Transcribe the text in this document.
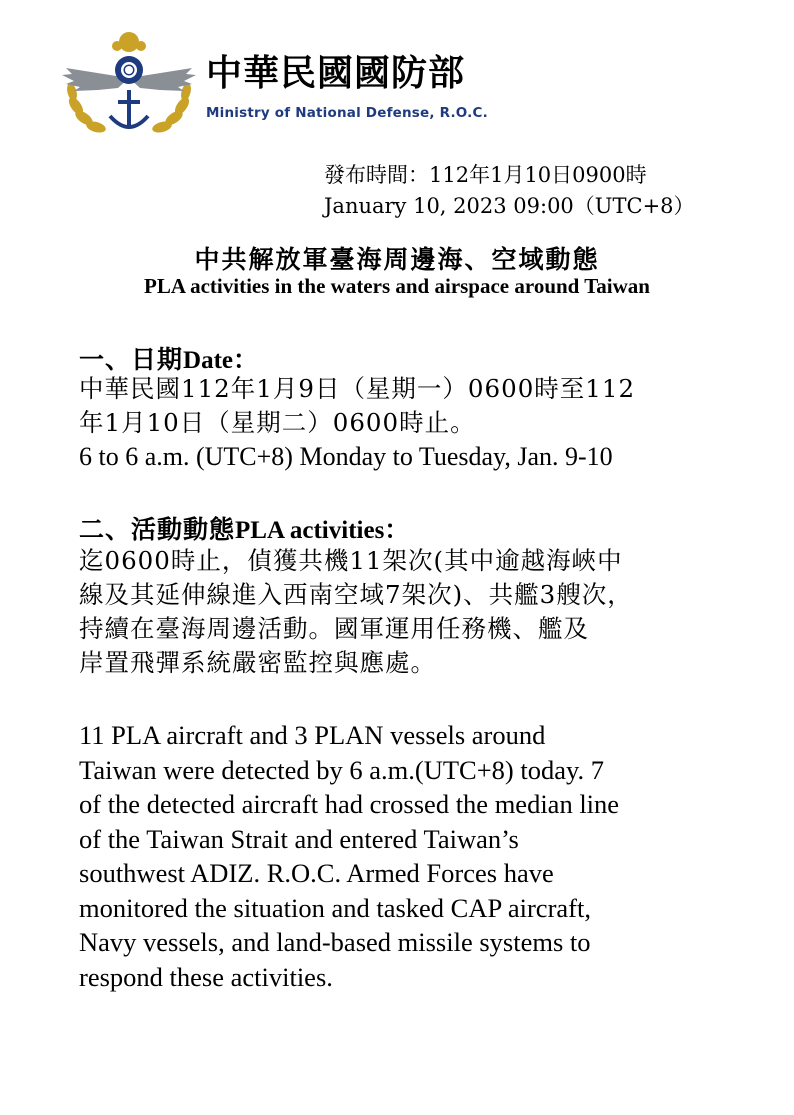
中華民國國防部
Ministry of National Defense, R.O.C.
發布時間：112年1月10日0900時
January 10, 2023 09:00（UTC+8）
中共解放軍臺海周邊海、空域動態
PLA activities in the waters and airspace around Taiwan
一、日期Date：

中華民國112年1月9日（星期一）0600時至112

年1月10日（星期二）0600時止。

6 to 6 a.m. (UTC+8) Monday to Tuesday, Jan. 9-10

二、活動動態PLA activities：

迄0600時止，偵獲共機11架次(其中逾越海峽中

線及其延伸線進入西南空域7架次)、共艦3艘次，

持續在臺海周邊活動。國軍運用任務機、艦及

岸置飛彈系統嚴密監控與應處。

11 PLA aircraft and 3 PLAN vessels around

Taiwan were detected by 6 a.m.(UTC+8) today. 7

of the detected aircraft had crossed the median line

of the Taiwan Strait and entered Taiwan’s

southwest ADIZ. R.O.C. Armed Forces have

monitored the situation and tasked CAP aircraft,

Navy vessels, and land-based missile systems to

respond these activities.
